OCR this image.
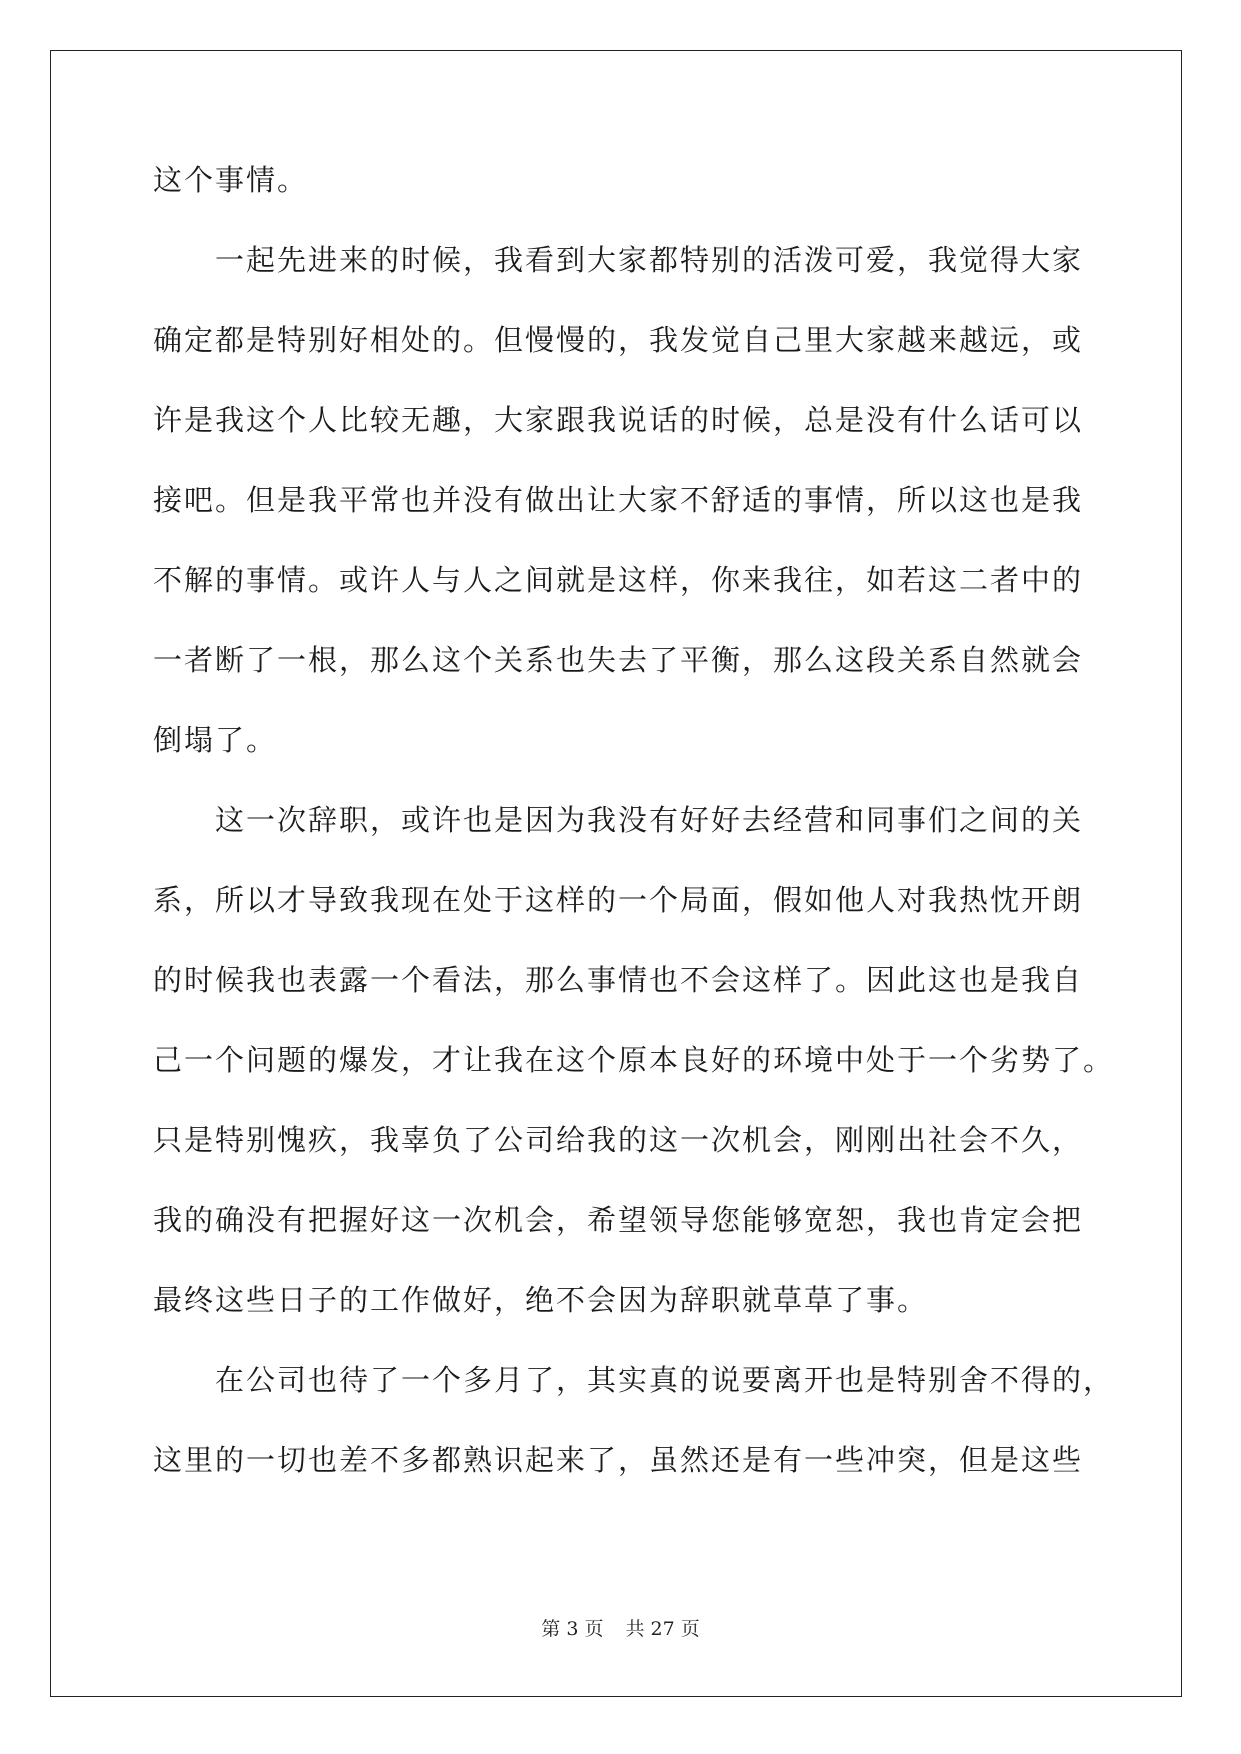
这个事情。
　　一起先进来的时候，我看到大家都特别的活泼可爱，我觉得大家
确定都是特别好相处的。但慢慢的，我发觉自己里大家越来越远，或
许是我这个人比较无趣，大家跟我说话的时候，总是没有什么话可以
接吧。但是我平常也并没有做出让大家不舒适的事情，所以这也是我
不解的事情。或许人与人之间就是这样，你来我往，如若这二者中的
一者断了一根，那么这个关系也失去了平衡，那么这段关系自然就会
倒塌了。
　　这一次辞职，或许也是因为我没有好好去经营和同事们之间的关
系，所以才导致我现在处于这样的一个局面，假如他人对我热忱开朗
的时候我也表露一个看法，那么事情也不会这样了。因此这也是我自
己一个问题的爆发，才让我在这个原本良好的环境中处于一个劣势了。
只是特别愧疚，我辜负了公司给我的这一次机会，刚刚出社会不久，
我的确没有把握好这一次机会，希望领导您能够宽恕，我也肯定会把
最终这些日子的工作做好，绝不会因为辞职就草草了事。
　　在公司也待了一个多月了，其实真的说要离开也是特别舍不得的，
这里的一切也差不多都熟识起来了，虽然还是有一些冲突，但是这些
第 3 页 共 27 页
